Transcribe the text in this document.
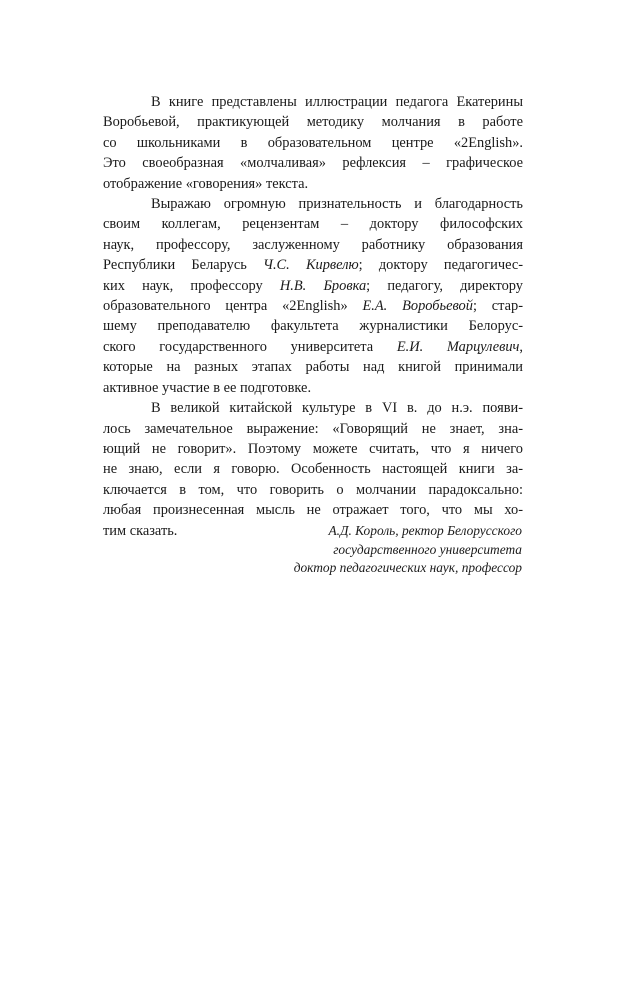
В книге представлены иллюстрации педагога Екатерины
Воробьевой, практикующей методику молчания в работе
со школьниками в образовательном центре «2English».
Это своеобразная «молчаливая» рефлексия – графическое
отображение «говорения» текста.

Выражаю огромную признательность и благодарность
своим коллегам, рецензентам – доктору философских
наук, профессору, заслуженному работнику образования
Республики Беларусь Ч.С. Кирвелю; доктору педагогичес-
ких наук, профессору Н.В. Бровка; педагогу, директору
образовательного центра «2English» Е.А. Воробьевой; стар-
шему преподавателю факультета журналистики Белорус-
ского государственного университета Е.И. Марцулевич,
которые на разных этапах работы над книгой принимали
активное участие в ее подготовке.

В великой китайской культуре в VI в. до н.э. появи-
лось замечательное выражение: «Говорящий не знает, зна-
ющий не говорит». Поэтому можете считать, что я ничего
не знаю, если я говорю. Особенность настоящей книги за-
ключается в том, что говорить о молчании парадоксально:
любая произнесенная мысль не отражает того, что мы хо-
тим сказать.	А.Д. Король, ректор Белорусского
государственного университета
доктор педагогических наук, профессор
